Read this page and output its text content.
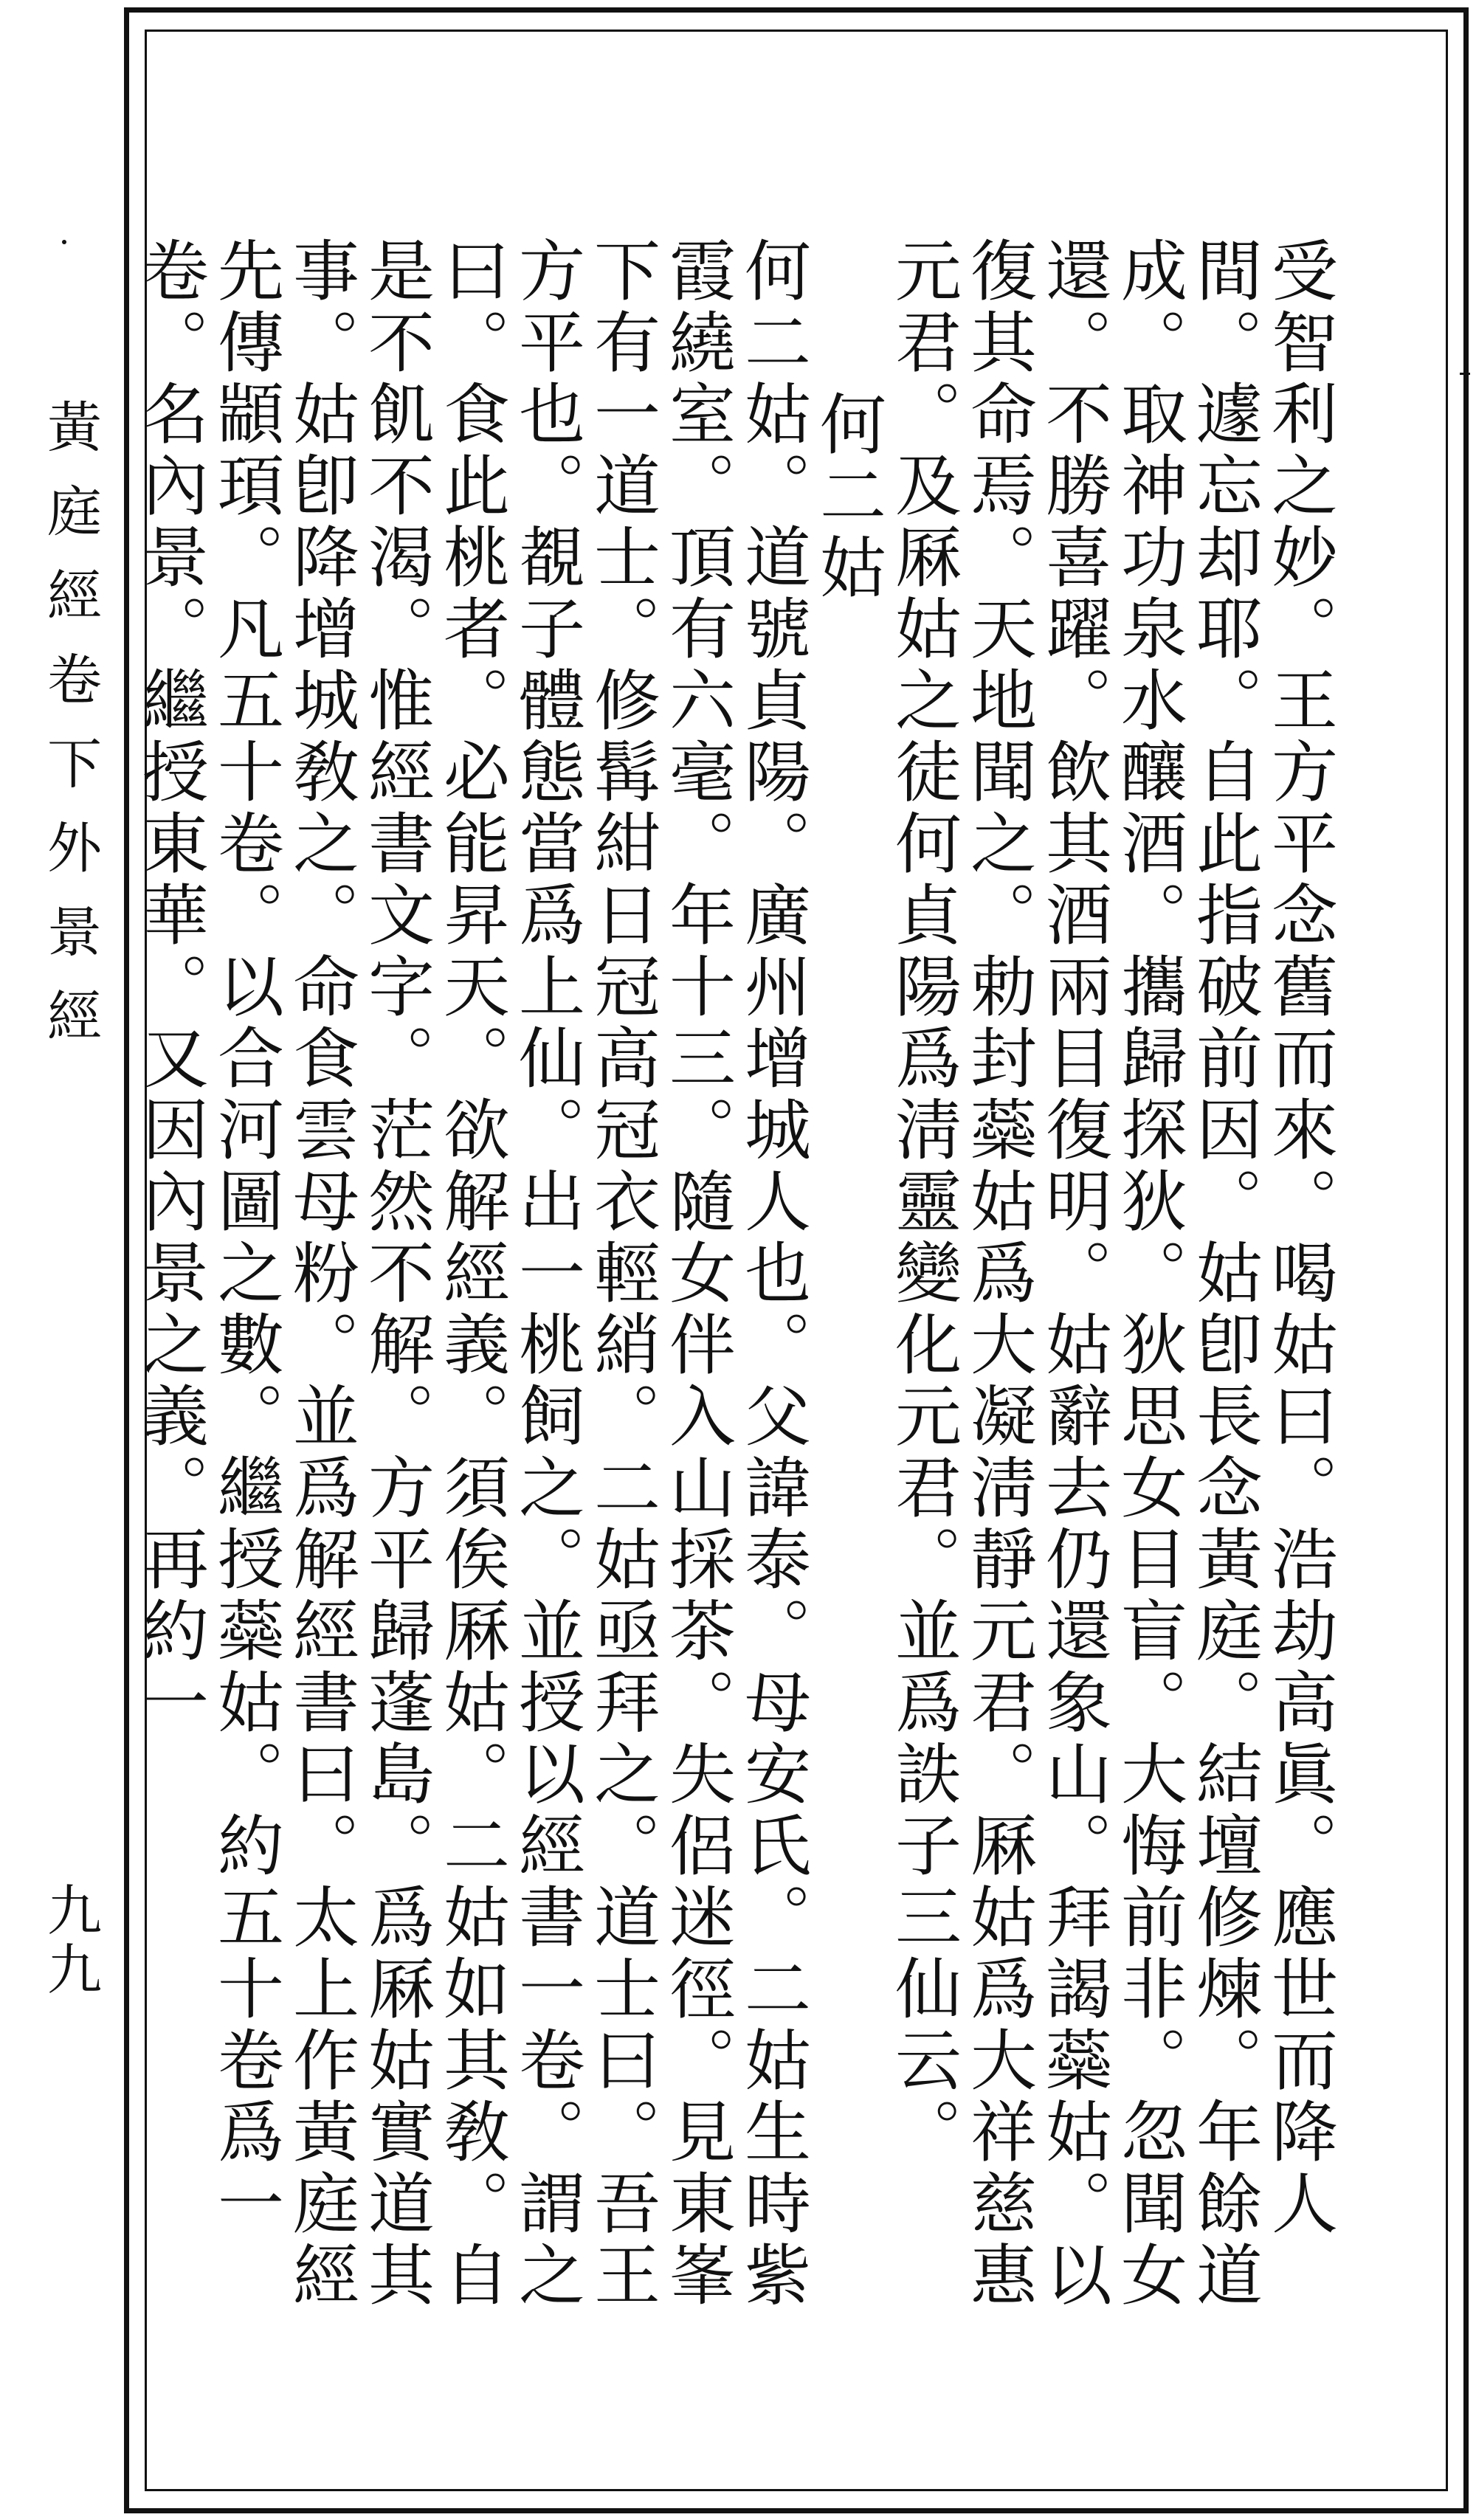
黃庭經卷下外景經
九九	受智利之妙。王方平念舊而來。喝姑曰。浩劫高眞。應世而降人間。遽忘却耶。自此指破前因。姑卽長念黃庭。結壇修煉。年餘道成。取神功泉水釀酒。攜歸探狄。狄思女目盲。大悔前非。忽聞女還。不勝喜躍。飲其酒兩目復明。姑辭去仍還象山。拜謁蘂姑。以復其命焉。天地聞之。勅封蘂姑爲大凝淸靜元君。厤姑爲大祥慈惠元君。及厤姑之徒何貞陽爲淸靈變化元君。並爲詄子三仙云。
何二姑
何二姑。道號貞陽。廣州增城人也。父諱泰。母安氏。二姑生時紫霞繞室。頂有六毫。年十三。隨女伴入山採茶。失侶迷徑。見東峯下有一道士。修髯紺日冠高冠衣輕綃。二姑亟拜之。道士曰。吾王方平也。覩子體態當爲上仙。出一桃飼之。並授以經書一卷。謂之曰。食此桃者。必能昇天。欲解經義。須俟厤姑。二姑如其敎。自是不飢不渴。惟經書文字。茫然不解。方平歸蓬島。爲厤姑實道其事。姑卽降增城敎之。命食雲母粉。並爲解經書曰。太上作黃庭經先傳顓頊。凡五十卷。以合河圖之數。繼授蘂姑。約五十卷爲一卷。名內景。繼授東華。又因內景之義。再約一
